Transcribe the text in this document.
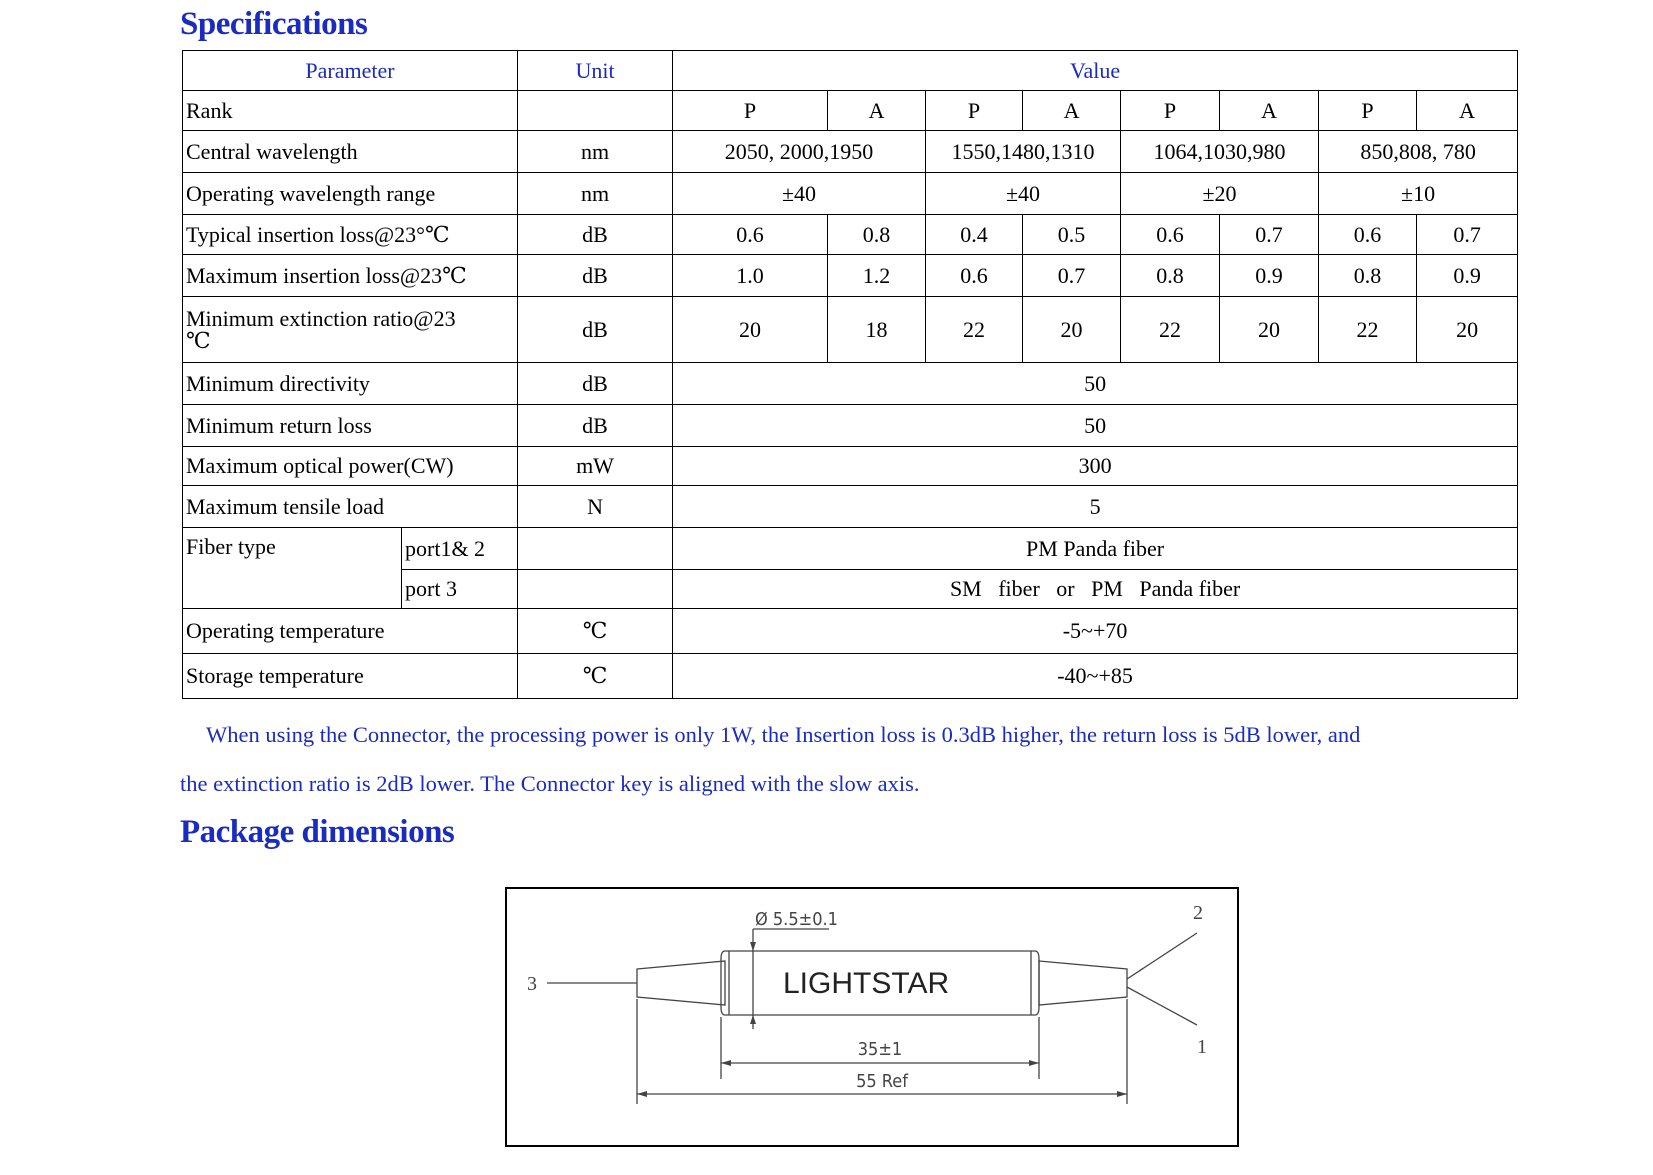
Specifications
Parameter		Unit	Value							
Rank			P	A	P	A	P	A	P	A
Central wavelength		nm	2050, 2000,1950		1550,1480,1310		1064,1030,980		850,808, 780	
Operating wavelength range		nm	±40		±40		±20		±10	
Typical insertion loss@23°℃		dB	0.6	0.8	0.4	0.5	0.6	0.7	0.6	0.7
Maximum insertion loss@23℃		dB	1.0	1.2	0.6	0.7	0.8	0.9	0.8	0.9

Minimum extinction ratio@23
℃		dB	20	18	22	20	22	20	22	20
Minimum directivity		dB	50							
Minimum return loss		dB	50							
Maximum optical power(CW)		mW	300							
Maximum tensile load		N	5							
Fiber type	port1& 2		PM Panda fiber							
	port 3		SM   fiber   or   PM   Panda fiber							
Operating temperature		℃	-5~+70							
Storage temperature		℃	-40~+85							
When using the Connector, the processing power is only 1W, the Insertion loss is 0.3dB higher, the return loss is 5dB lower, and
the extinction ratio is 2dB lower. The Connector key is aligned with the slow axis.
Package dimensions
Ø 5.5±0.1
LIGHTSTAR
35±1
55 Ref
3
2
1
